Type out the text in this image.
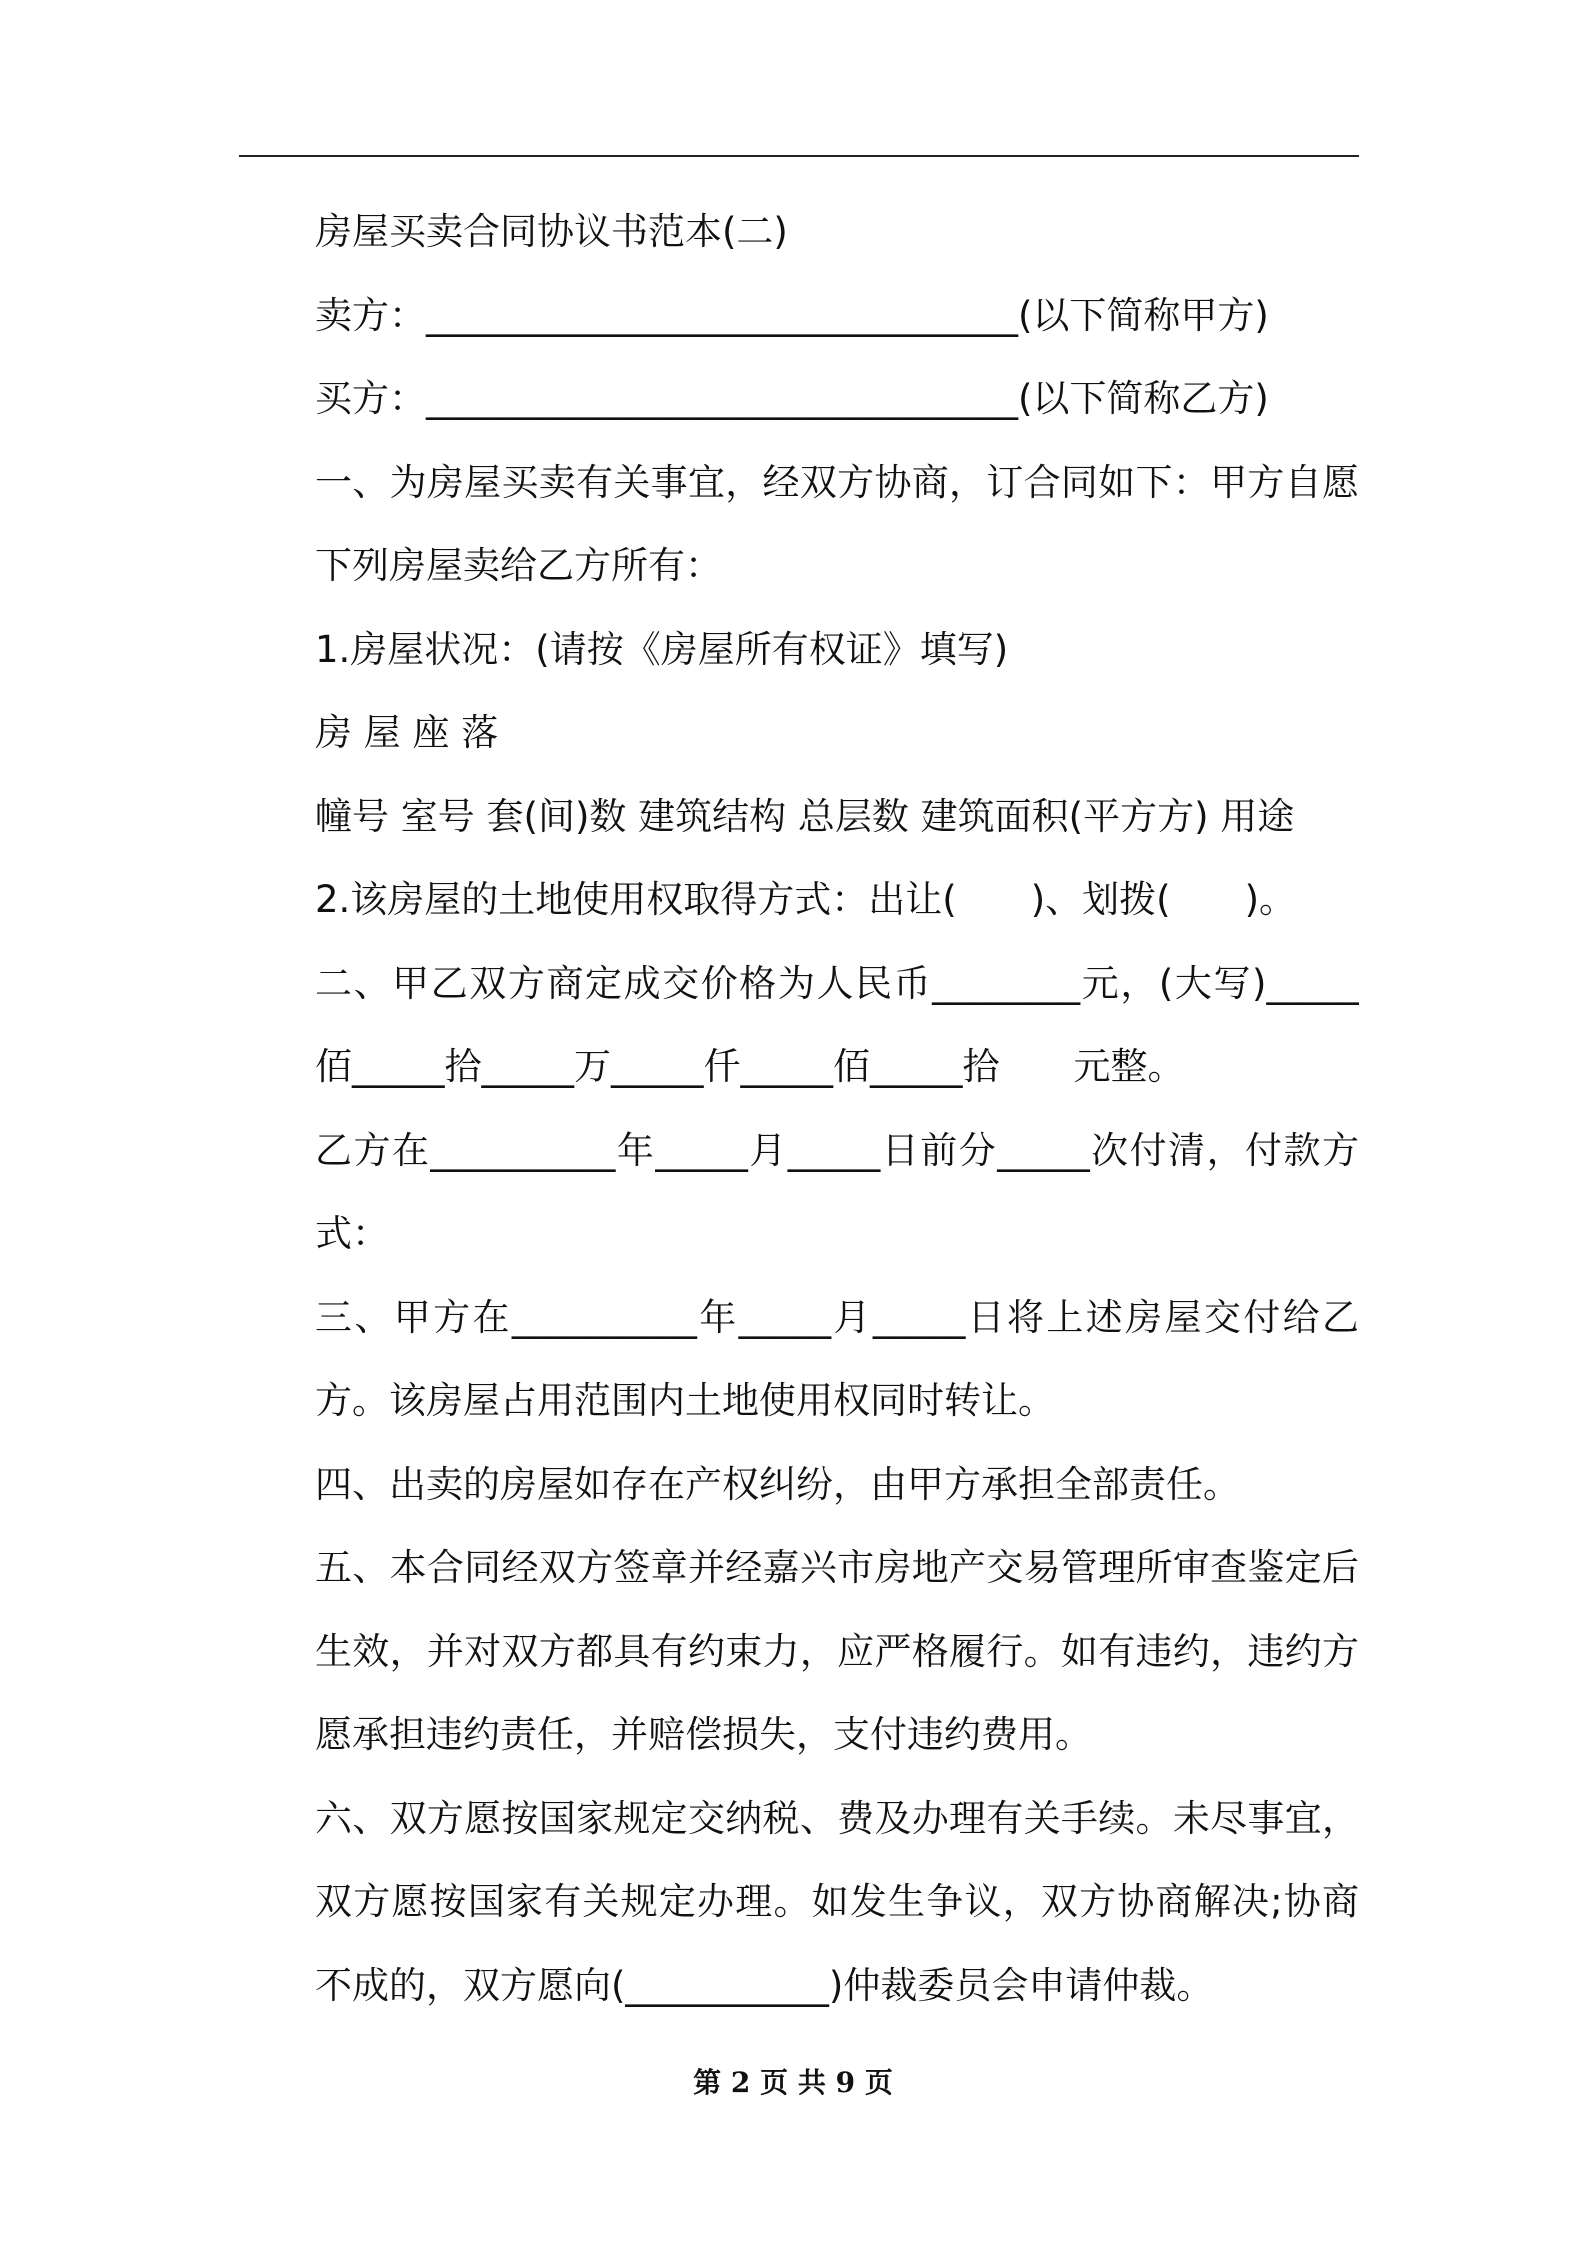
房屋买卖合同协议书范本(二)

卖方：________________________________(以下简称甲方)

买方：________________________________(以下简称乙方)

一、为房屋买卖有关事宜，经双方协商，订合同如下：甲方自愿下列房屋卖给乙方所有：

1.房屋状况：(请按《房屋所有权证》填写)

房 屋 座 落

幢号 室号 套(间)数 建筑结构 总层数 建筑面积(平方方) 用途

2.该房屋的土地使用权取得方式：出让(　　)、划拨(　　)。

二、甲乙双方商定成交价格为人民币________元，(大写)_____佰_____拾_____万_____仟_____佰_____拾　　元整。

乙方在__________年_____月_____日前分_____次付清，付款方式：

三、甲方在__________年_____月_____日将上述房屋交付给乙方。该房屋占用范围内土地使用权同时转让。

四、出卖的房屋如存在产权纠纷，由甲方承担全部责任。

五、本合同经双方签章并经嘉兴市房地产交易管理所审查鉴定后生效，并对双方都具有约束力，应严格履行。如有违约，违约方愿承担违约责任，并赔偿损失，支付违约费用。

六、双方愿按国家规定交纳税、费及办理有关手续。未尽事宜，双方愿按国家有关规定办理。如发生争议，双方协商解决;协商不成的，双方愿向(___________)仲裁委员会申请仲裁。

第 2 页 共 9 页
